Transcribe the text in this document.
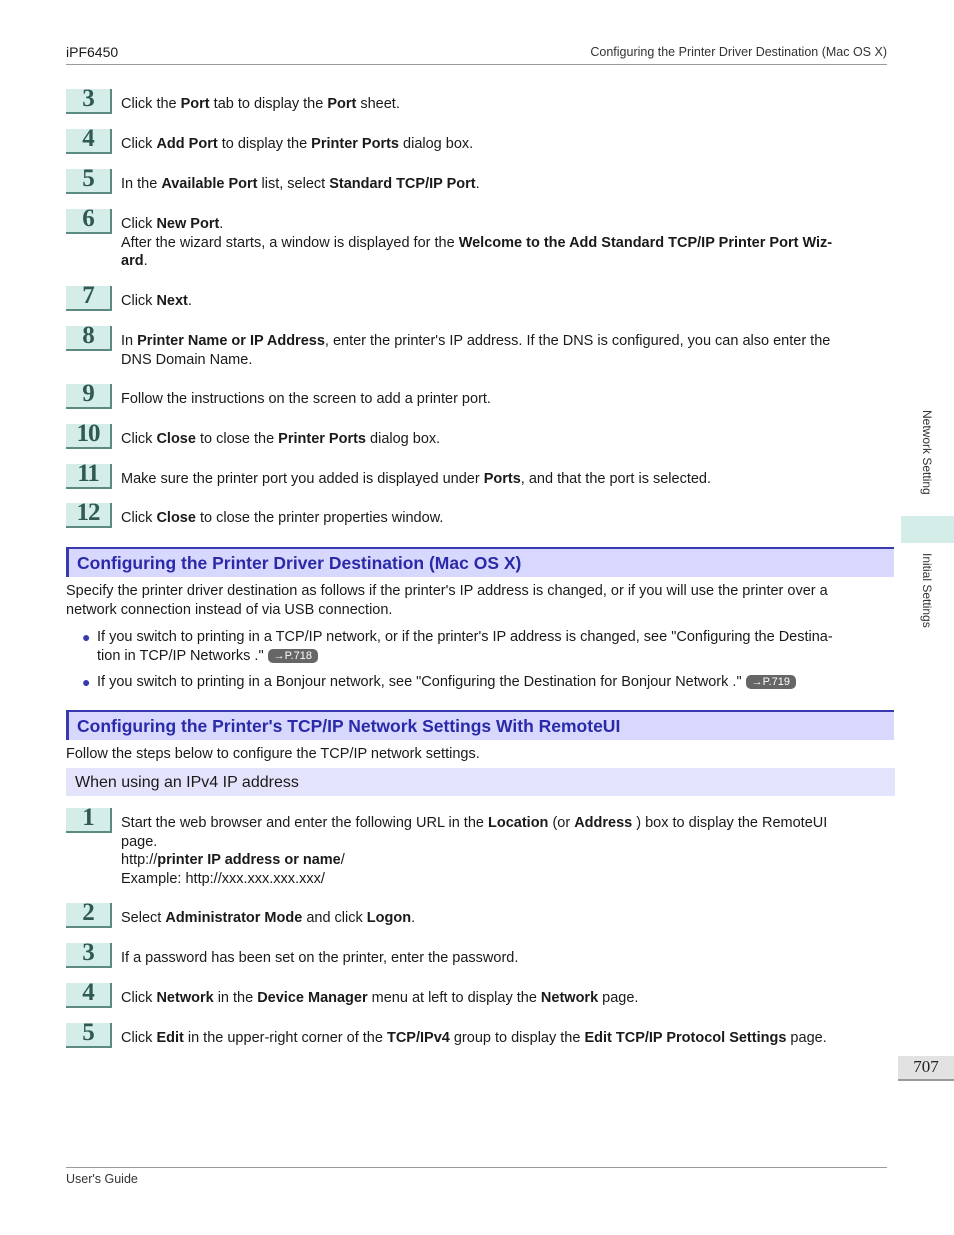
iPF6450	Configuring the Printer Driver Destination (Mac OS X)
3	Click the Port tab to display the Port sheet.
4	Click Add Port to display the Printer Ports dialog box.
5	In the Available Port list, select Standard TCP/IP Port.
6	Click New Port.
After the wizard starts, a window is displayed for the Welcome to the Add Standard TCP/IP Printer Port Wiz-
ard.
7	Click Next.
8	In Printer Name or IP Address, enter the printer's IP address. If the DNS is configured, you can also enter the
DNS Domain Name.
9	Follow the instructions on the screen to add a printer port.
10	Click Close to close the Printer Ports dialog box.
11	Make sure the printer port you added is displayed under Ports, and that the port is selected.
12	Click Close to close the printer properties window.
Configuring the Printer Driver Destination (Mac OS X)
Specify the printer driver destination as follows if the printer's IP address is changed, or if you will use the printer over a
network connection instead of via USB connection.
● If you switch to printing in a TCP/IP network, or if the printer's IP address is changed, see "Configuring the Destina-
tion in TCP/IP Networks ." →P.718
● If you switch to printing in a Bonjour network, see "Configuring the Destination for Bonjour Network ." →P.719
Configuring the Printer's TCP/IP Network Settings With RemoteUI
Follow the steps below to configure the TCP/IP network settings.
When using an IPv4 IP address
1	Start the web browser and enter the following URL in the Location (or Address ) box to display the RemoteUI
page.
http://printer IP address or name/
Example: http://xxx.xxx.xxx.xxx/
2	Select Administrator Mode and click Logon.
3	If a password has been set on the printer, enter the password.
4	Click Network in the Device Manager menu at left to display the Network page.
5	Click Edit in the upper-right corner of the TCP/IPv4 group to display the Edit TCP/IP Protocol Settings page.
Network Setting
Initial Settings
707
User's Guide
